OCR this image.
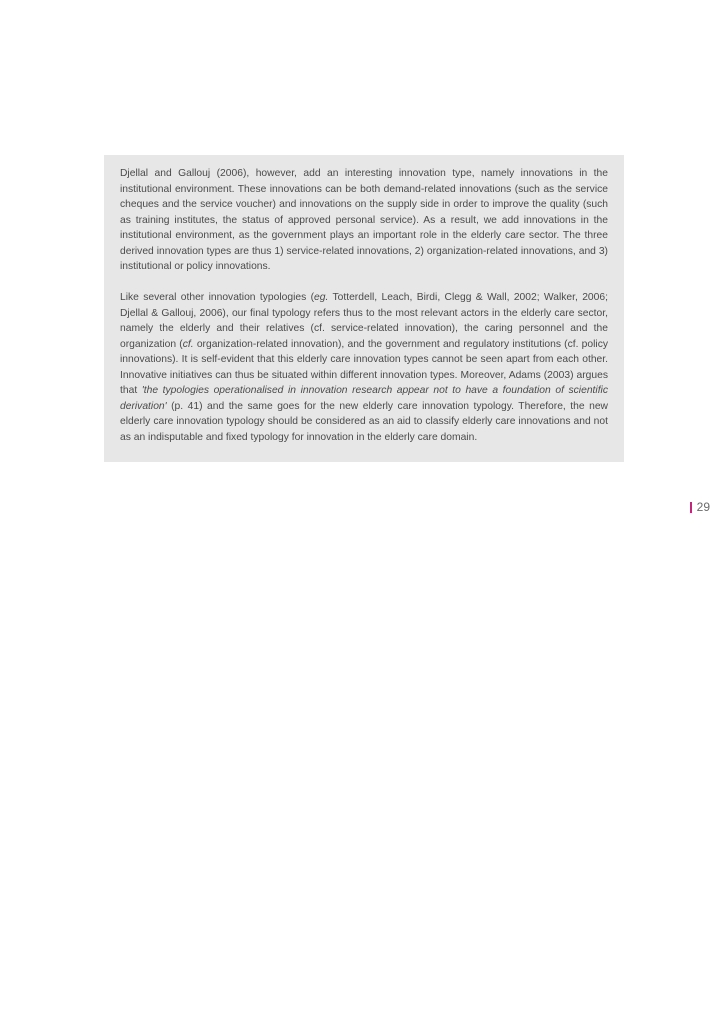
Djellal and Gallouj (2006), however, add an interesting innovation type, namely innovations in the institutional environment. These innovations can be both demand-related innovations (such as the service cheques and the service voucher) and innovations on the supply side in order to improve the quality (such as training institutes, the status of approved personal service). As a result, we add innovations in the institutional environment, as the government plays an important role in the elderly care sector. The three derived innovation types are thus 1) service-related innovations, 2) organization-related innovations, and 3) institutional or policy innovations.

Like several other innovation typologies (eg. Totterdell, Leach, Birdi, Clegg & Wall, 2002; Walker, 2006; Djellal & Gallouj, 2006), our final typology refers thus to the most relevant actors in the elderly care sector, namely the elderly and their relatives (cf. service-related innovation), the caring personnel and the organization (cf. organization-related innovation), and the government and regulatory institutions (cf. policy innovations). It is self-evident that this elderly care innovation types cannot be seen apart from each other. Innovative initiatives can thus be situated within different innovation types. Moreover, Adams (2003) argues that 'the typologies operationalised in innovation research appear not to have a foundation of scientific derivation' (p. 41) and the same goes for the new elderly care innovation typology. Therefore, the new elderly care innovation typology should be considered as an aid to classify elderly care innovations and not as an indisputable and fixed typology for innovation in the elderly care domain.

29
